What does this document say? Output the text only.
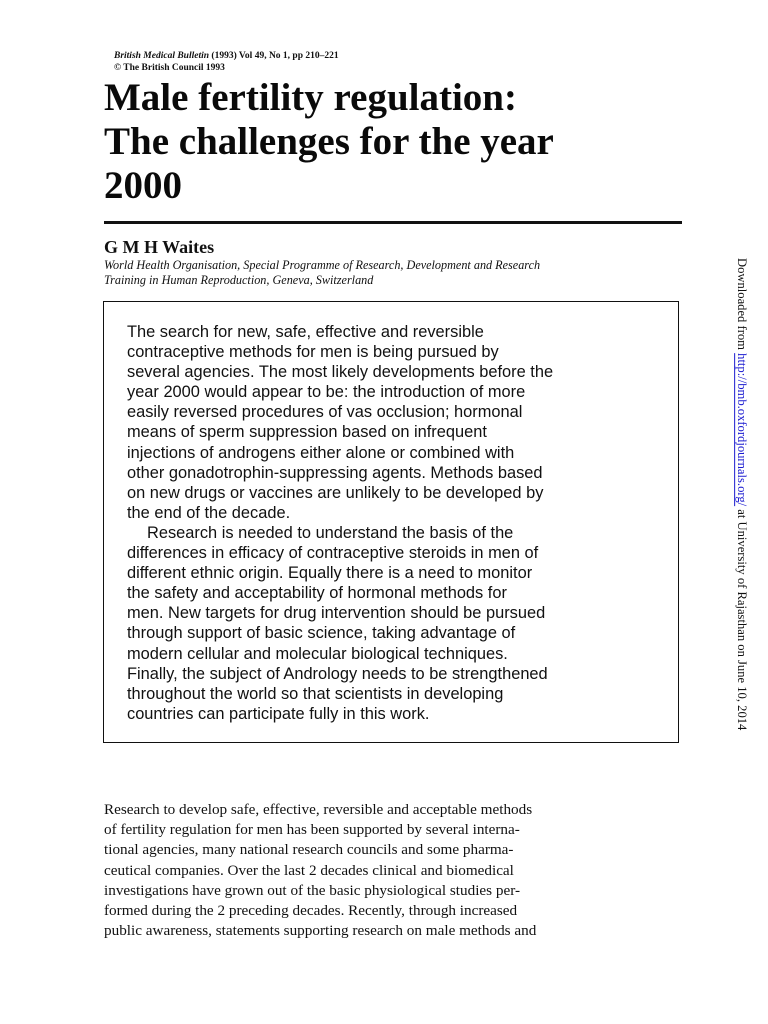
British Medical Bulletin (1993) Vol 49, No 1, pp 210–221
© The British Council 1993
Male fertility regulation:
The challenges for the year
2000
G M H Waites
World Health Organisation, Special Programme of Research, Development and Research
Training in Human Reproduction, Geneva, Switzerland
The search for new, safe, effective and reversible
contraceptive methods for men is being pursued by
several agencies. The most likely developments before the
year 2000 would appear to be: the introduction of more
easily reversed procedures of vas occlusion; hormonal
means of sperm suppression based on infrequent
injections of androgens either alone or combined with
other gonadotrophin-suppressing agents. Methods based
on new drugs or vaccines are unlikely to be developed by
the end of the decade.
Research is needed to understand the basis of the
differences in efficacy of contraceptive steroids in men of
different ethnic origin. Equally there is a need to monitor
the safety and acceptability of hormonal methods for
men. New targets for drug intervention should be pursued
through support of basic science, taking advantage of
modern cellular and molecular biological techniques.
Finally, the subject of Andrology needs to be strengthened
throughout the world so that scientists in developing
countries can participate fully in this work.
Research to develop safe, effective, reversible and acceptable methods
of fertility regulation for men has been supported by several interna-
tional agencies, many national research councils and some pharma-
ceutical companies. Over the last 2 decades clinical and biomedical
investigations have grown out of the basic physiological studies per-
formed during the 2 preceding decades. Recently, through increased
public awareness, statements supporting research on male methods and
Downloaded from http://bmb.oxfordjournals.org/ at University of Rajasthan on June 10, 2014
